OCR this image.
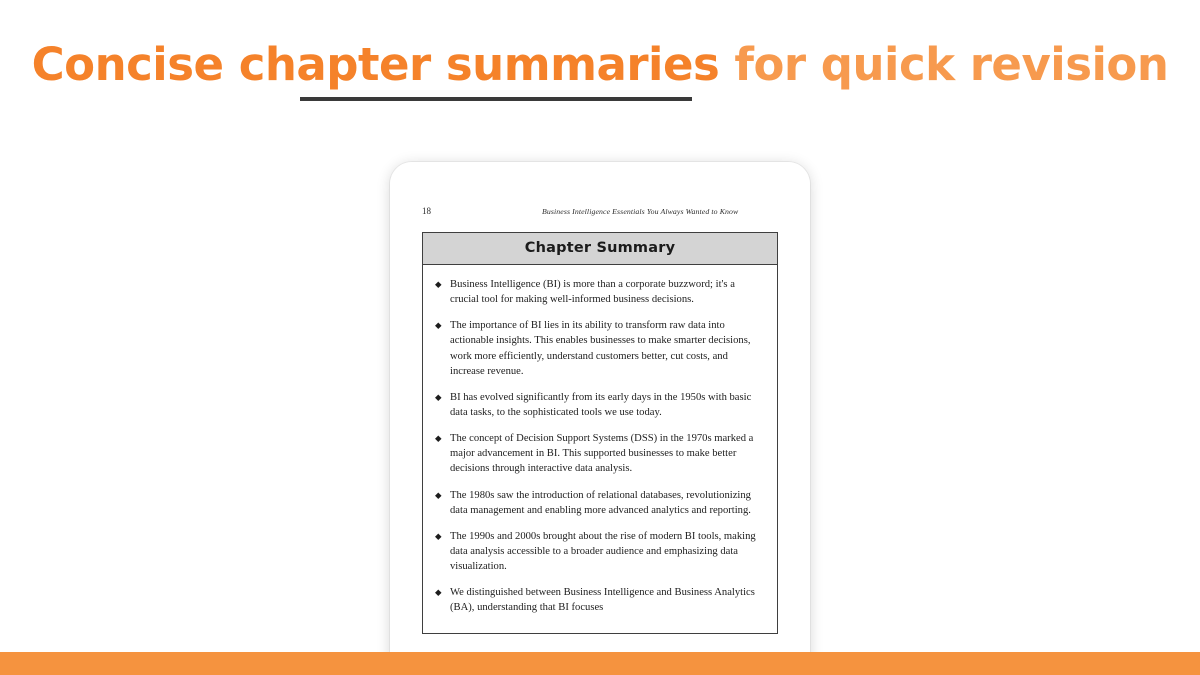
Concise chapter summaries for quick revision
18	Business Intelligence Essentials You Always Wanted to Know
Chapter Summary
◆ Business Intelligence (BI) is more than a corporate buzzword; it's a crucial tool for making well-informed business decisions.
◆ The importance of BI lies in its ability to transform raw data into actionable insights. This enables businesses to make smarter decisions, work more efficiently, understand customers better, cut costs, and increase revenue.
◆ BI has evolved significantly from its early days in the 1950s with basic data tasks, to the sophisticated tools we use today.
◆ The concept of Decision Support Systems (DSS) in the 1970s marked a major advancement in BI. This supported businesses to make better decisions through interactive data analysis.
◆ The 1980s saw the introduction of relational databases, revolutionizing data management and enabling more advanced analytics and reporting.
◆ The 1990s and 2000s brought about the rise of modern BI tools, making data analysis accessible to a broader audience and emphasizing data visualization.
◆ We distinguished between Business Intelligence and Business Analytics (BA), understanding that BI focuses
